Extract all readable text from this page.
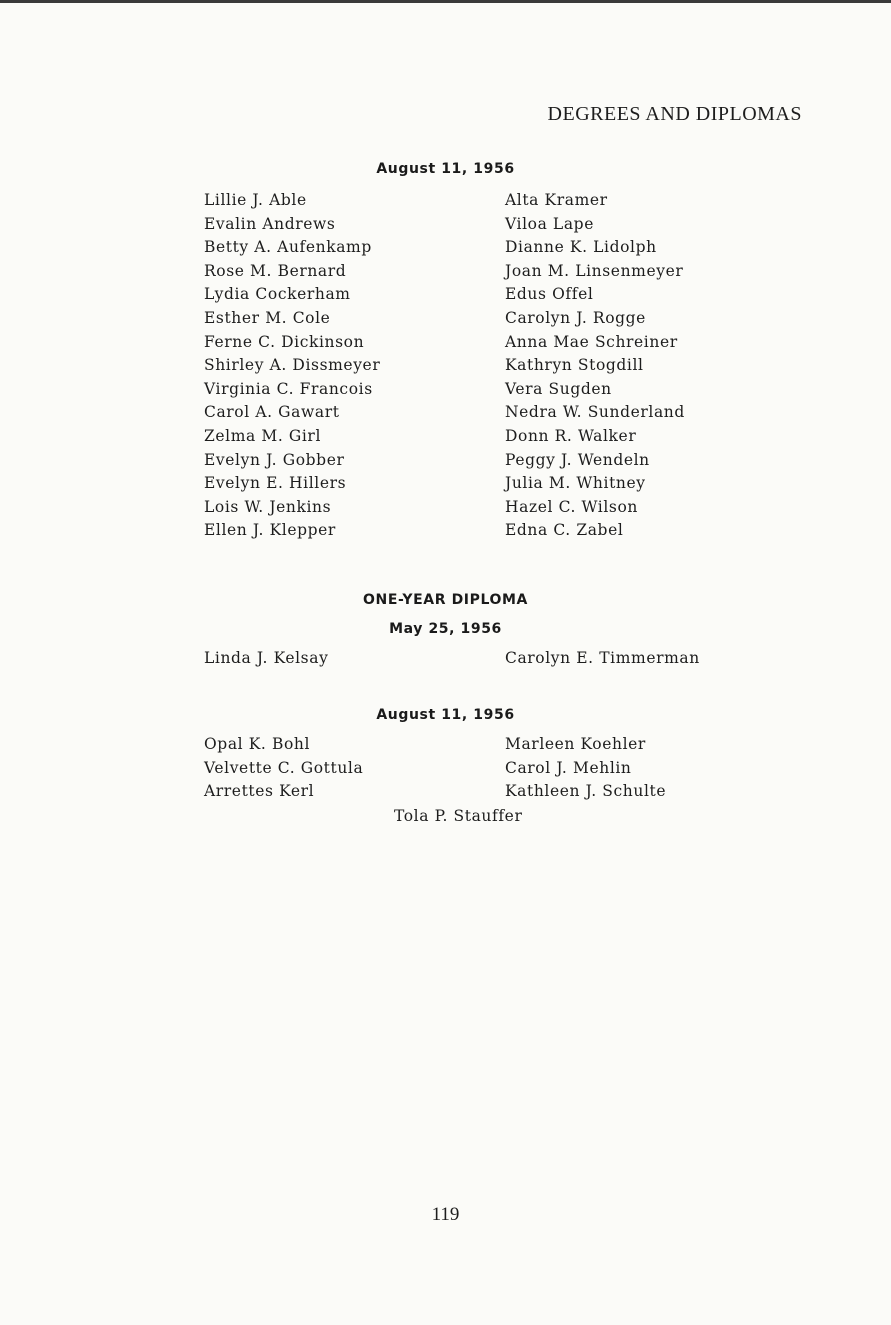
DEGREES AND DIPLOMAS
August 11, 1956
Lillie J. Able
Evalin Andrews
Betty A. Aufenkamp
Rose M. Bernard
Lydia Cockerham
Esther M. Cole
Ferne C. Dickinson
Shirley A. Dissmeyer
Virginia C. Francois
Carol A. Gawart
Zelma M. Girl
Evelyn J. Gobber
Evelyn E. Hillers
Lois W. Jenkins
Ellen J. Klepper
Alta Kramer
Viloa Lape
Dianne K. Lidolph
Joan M. Linsenmeyer
Edus Offel
Carolyn J. Rogge
Anna Mae Schreiner
Kathryn Stogdill
Vera Sugden
Nedra W. Sunderland
Donn R. Walker
Peggy J. Wendeln
Julia M. Whitney
Hazel C. Wilson
Edna C. Zabel
ONE-YEAR DIPLOMA
May 25, 1956
Linda J. Kelsay	Carolyn E. Timmerman
August 11, 1956
Opal K. Bohl
Velvette C. Gottula
Arrettes Kerl
Marleen Koehler
Carol J. Mehlin
Kathleen J. Schulte
Tola P. Stauffer
119
